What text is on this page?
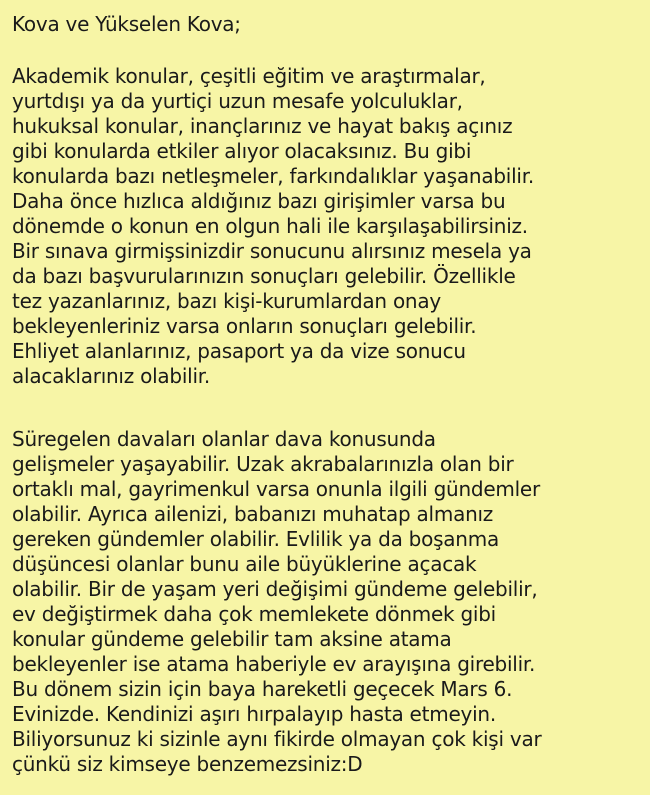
Kova ve Yükselen Kova;
Akademik konular, çeşitli eğitim ve araştırmalar,
yurtdışı ya da yurtiçi uzun mesafe yolculuklar,
hukuksal konular, inançlarınız ve hayat bakış açınız
gibi konularda etkiler alıyor olacaksınız. Bu gibi
konularda bazı netleşmeler, farkındalıklar yaşanabilir.
Daha önce hızlıca aldığınız bazı girişimler varsa bu
dönemde o konun en olgun hali ile karşılaşabilirsiniz.
Bir sınava girmişsinizdir sonucunu alırsınız mesela ya
da bazı başvurularınızın sonuçları gelebilir. Özellikle
tez yazanlarınız, bazı kişi-kurumlardan onay
bekleyenleriniz varsa onların sonuçları gelebilir.
Ehliyet alanlarınız, pasaport ya da vize sonucu
alacaklarınız olabilir.
Süregelen davaları olanlar dava konusunda
gelişmeler yaşayabilir. Uzak akrabalarınızla olan bir
ortaklı mal, gayrimenkul varsa onunla ilgili gündemler
olabilir. Ayrıca ailenizi, babanızı muhatap almanız
gereken gündemler olabilir. Evlilik ya da boşanma
düşüncesi olanlar bunu aile büyüklerine açacak
olabilir. Bir de yaşam yeri değişimi gündeme gelebilir,
ev değiştirmek daha çok memlekete dönmek gibi
konular gündeme gelebilir tam aksine atama
bekleyenler ise atama haberiyle ev arayışına girebilir.
Bu dönem sizin için baya hareketli geçecek Mars 6.
Evinizde. Kendinizi aşırı hırpalayıp hasta etmeyin.
Biliyorsunuz ki sizinle aynı fikirde olmayan çok kişi var
çünkü siz kimseye benzemezsiniz:D
